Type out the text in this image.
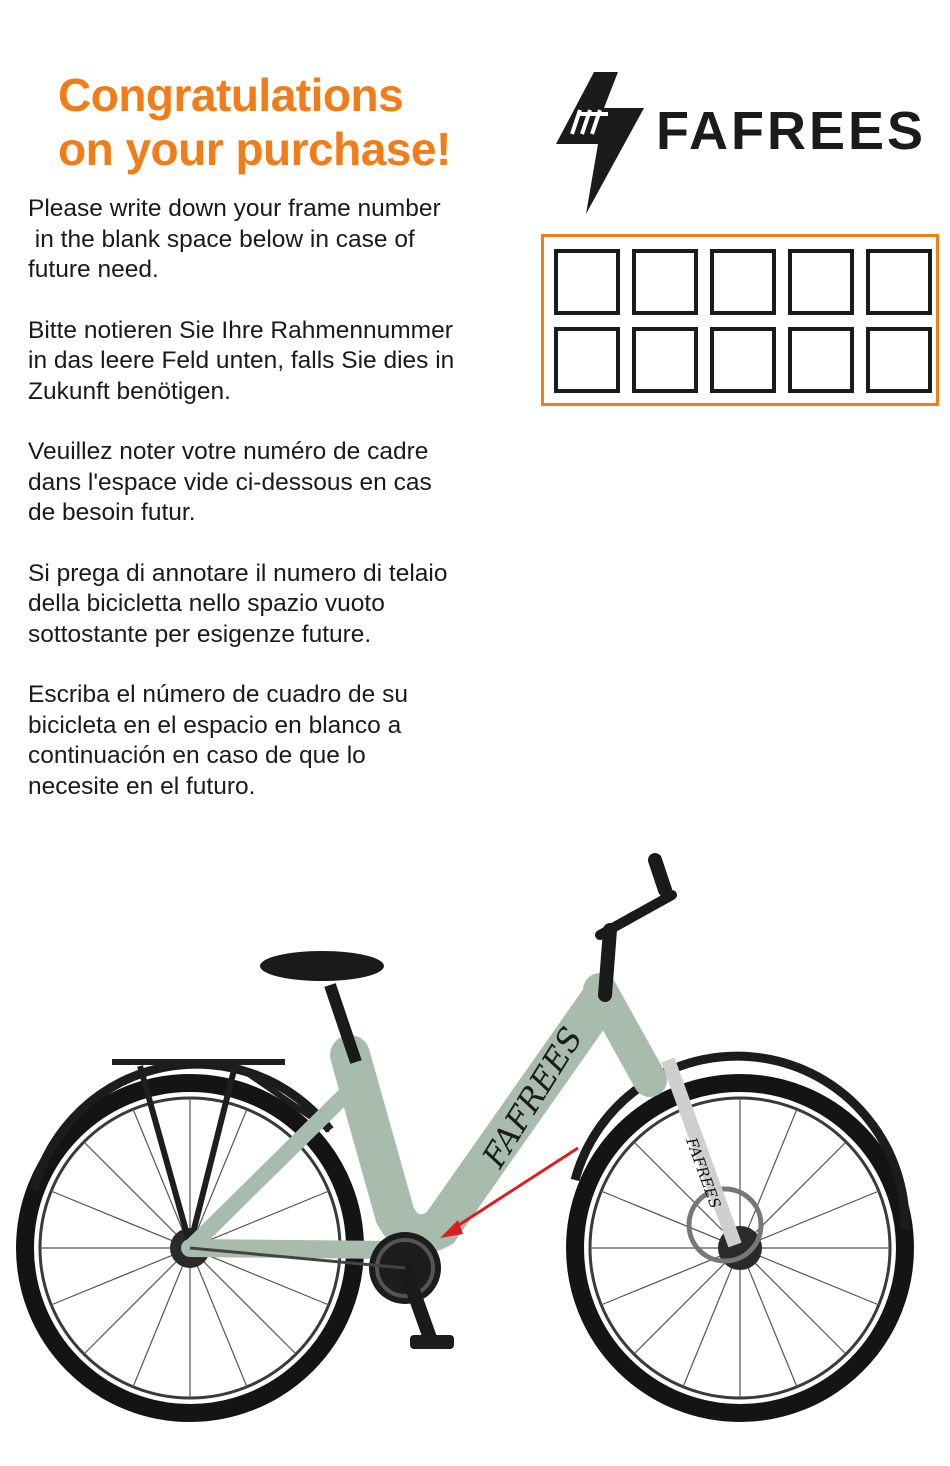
Congratulations
on your purchase!	FAFREES

Please write down your frame number
in the blank space below in case of
future need.

Bitte notieren Sie Ihre Rahmennummer
in das leere Feld unten, falls Sie dies in
Zukunft benötigen.

Veuillez noter votre numéro de cadre
dans l'espace vide ci-dessous en cas
de besoin futur.

Si prega di annotare il numero di telaio
della bicicletta nello spazio vuoto
sottostante per esigenze future.

Escriba el número de cuadro de su
bicicleta en el espacio en blanco a
continuación en caso de que lo
necesite en el futuro.

FAFREES	FAFREES
